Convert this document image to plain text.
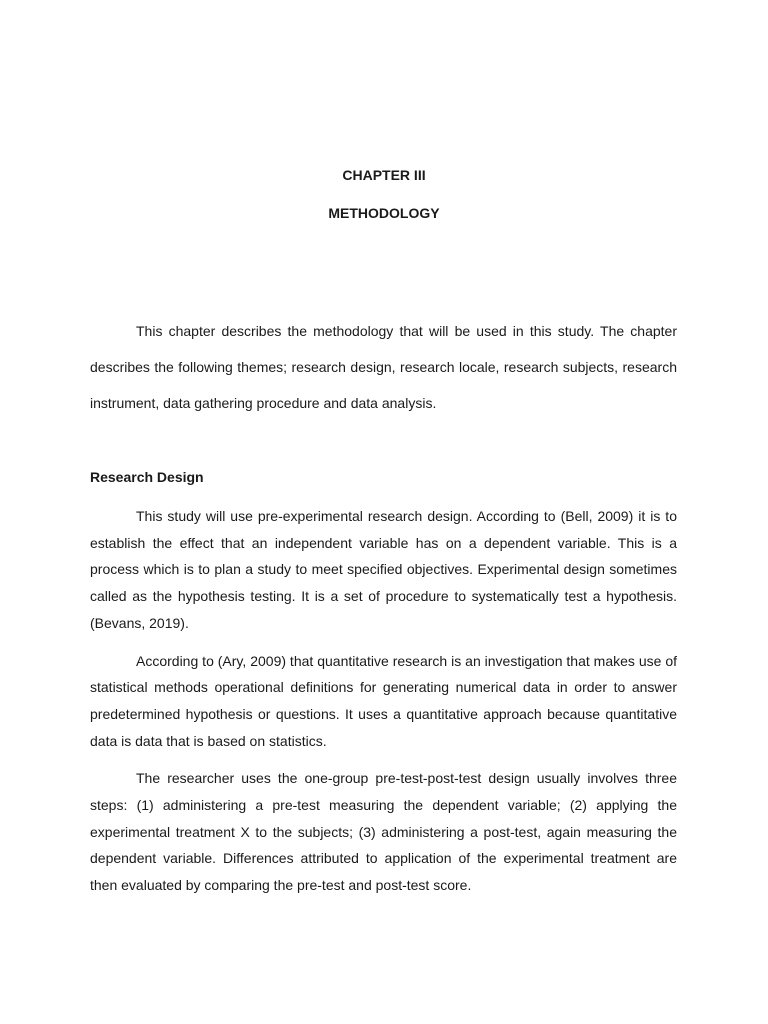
CHAPTER III
METHODOLOGY

This chapter describes the methodology that will be used in this study. The chapter describes the following themes; research design, research locale, research subjects, research instrument, data gathering procedure and data analysis.

Research Design

This study will use pre-experimental research design. According to (Bell, 2009) it is to establish the effect that an independent variable has on a dependent variable. This is a process which is to plan a study to meet specified objectives. Experimental design sometimes called as the hypothesis testing. It is a set of procedure to systematically test a hypothesis. (Bevans, 2019).

According to (Ary, 2009) that quantitative research is an investigation that makes use of statistical methods operational definitions for generating numerical data in order to answer predetermined hypothesis or questions. It uses a quantitative approach because quantitative data is data that is based on statistics.

The researcher uses the one-group pre-test-post-test design usually involves three steps: (1) administering a pre-test measuring the dependent variable; (2) applying the experimental treatment X to the subjects; (3) administering a post-test, again measuring the dependent variable. Differences attributed to application of the experimental treatment are then evaluated by comparing the pre-test and post-test score.
